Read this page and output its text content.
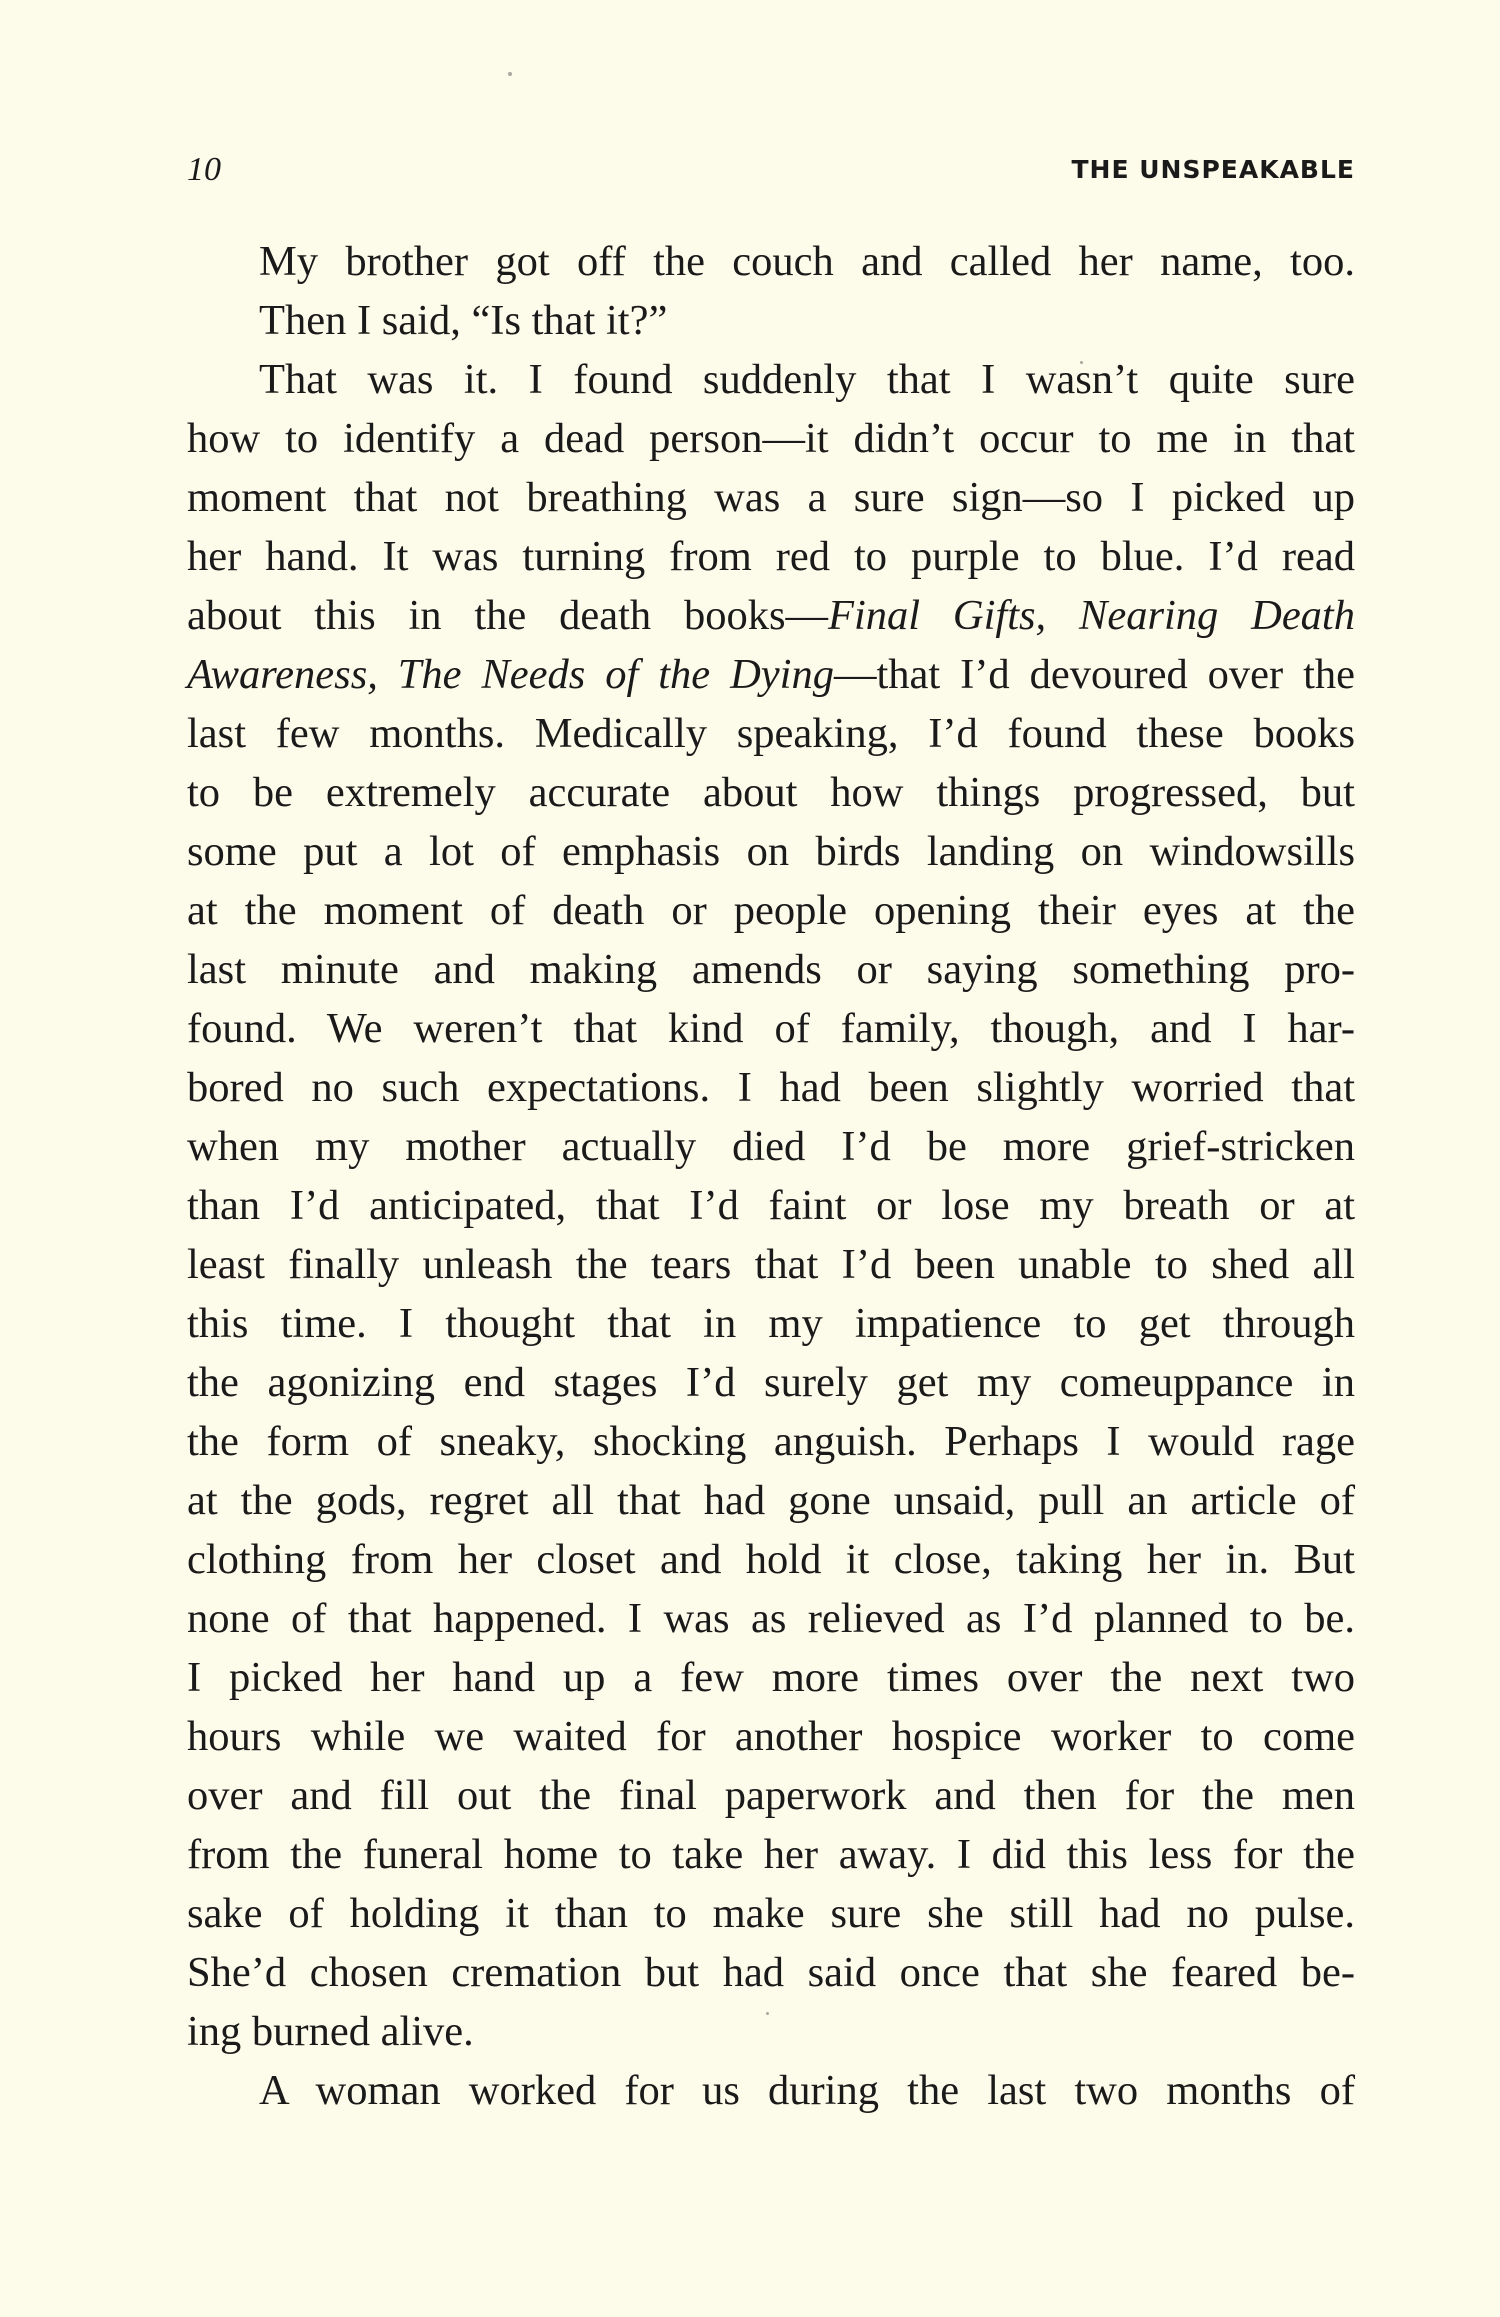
10	THE UNSPEAKABLE
My brother got off the couch and called her name, too.
Then I said, “Is that it?”
That was it. I found suddenly that I wasn’t quite sure
how to identify a dead person—it didn’t occur to me in that
moment that not breathing was a sure sign—so I picked up
her hand. It was turning from red to purple to blue. I’d read
about this in the death books—Final Gifts, Nearing Death
Awareness, The Needs of the Dying—that I’d devoured over the
last few months. Medically speaking, I’d found these books
to be extremely accurate about how things progressed, but
some put a lot of emphasis on birds landing on windowsills
at the moment of death or people opening their eyes at the
last minute and making amends or saying something pro-
found. We weren’t that kind of family, though, and I har-
bored no such expectations. I had been slightly worried that
when my mother actually died I’d be more grief-stricken
than I’d anticipated, that I’d faint or lose my breath or at
least finally unleash the tears that I’d been unable to shed all
this time. I thought that in my impatience to get through
the agonizing end stages I’d surely get my comeuppance in
the form of sneaky, shocking anguish. Perhaps I would rage
at the gods, regret all that had gone unsaid, pull an article of
clothing from her closet and hold it close, taking her in. But
none of that happened. I was as relieved as I’d planned to be.
I picked her hand up a few more times over the next two
hours while we waited for another hospice worker to come
over and fill out the final paperwork and then for the men
from the funeral home to take her away. I did this less for the
sake of holding it than to make sure she still had no pulse.
She’d chosen cremation but had said once that she feared be-
ing burned alive.
A woman worked for us during the last two months of
